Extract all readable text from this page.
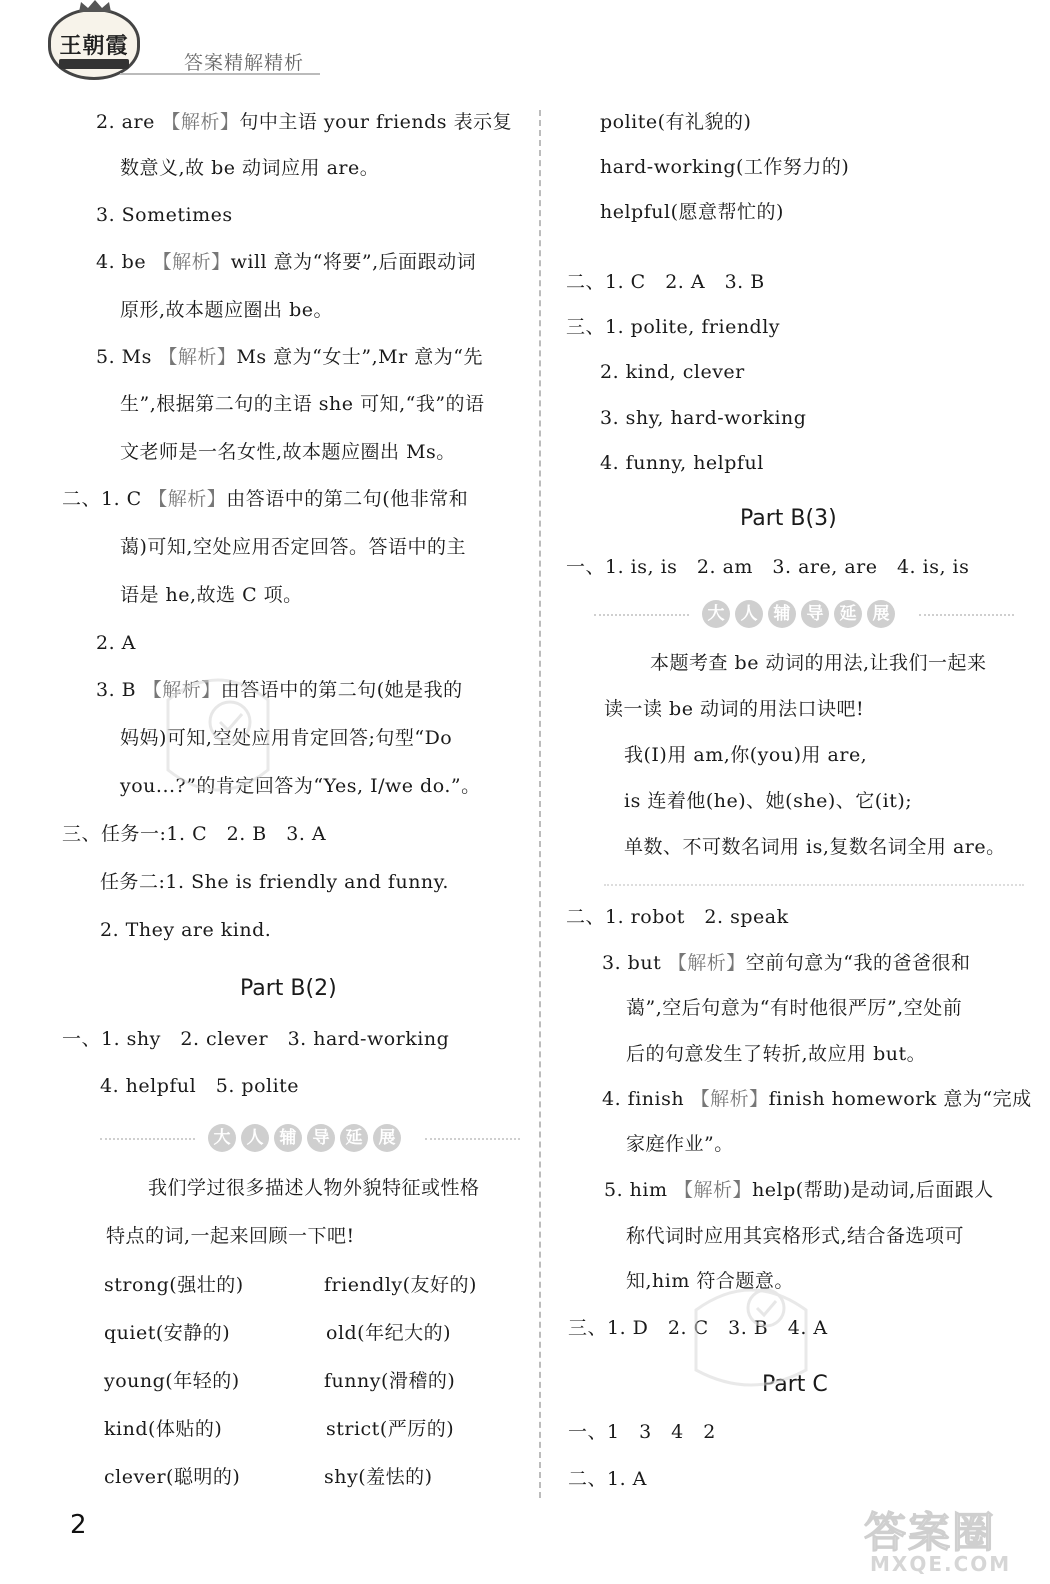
王朝霞
答案精解精析
2. are 【解析】句中主语 your friends 表示复
数意义,故 be 动词应用 are。
3. Sometimes
4. be 【解析】will 意为“将要”,后面跟动词
原形,故本题应圈出 be。
5. Ms 【解析】Ms 意为“女士”,Mr 意为“先
生”,根据第二句的主语 she 可知,“我”的语
文老师是一名女性,故本题应圈出 Ms。
二、1. C 【解析】由答语中的第二句(他非常和
蔼)可知,空处应用否定回答。答语中的主
语是 he,故选 C 项。
2. A
3. B 【解析】由答语中的第二句(她是我的
妈妈)可知,空处应用肯定回答;句型“Do
you...?”的肯定回答为“Yes, I/we do.”。
三、任务一:1. C　2. B　3. A
任务二:1. She is friendly and funny.
2. They are kind.
Part B(2)
一、1. shy　2. clever　3. hard-working
4. helpful　5. polite
大 人 辅 导 延 展
我们学过很多描述人物外貌特征或性格
特点的词,一起来回顾一下吧!
strong(强壮的)	friendly(友好的)
quiet(安静的)	old(年纪大的)
young(年轻的)	funny(滑稽的)
kind(体贴的)	strict(严厉的)
clever(聪明的)	shy(羞怯的)
polite(有礼貌的)
hard-working(工作努力的)
helpful(愿意帮忙的)
二、1. C　2. A　3. B
三、1. polite, friendly
2. kind, clever
3. shy, hard-working
4. funny, helpful
Part B(3)
一、1. is, is　2. am　3. are, are　4. is, is
大 人 辅 导 延 展
本题考查 be 动词的用法,让我们一起来
读一读 be 动词的用法口诀吧!
我(I)用 am,你(you)用 are,
is 连着他(he)、她(she)、它(it);
单数、不可数名词用 is,复数名词全用 are。
二、1. robot　2. speak
3. but 【解析】空前句意为“我的爸爸很和
蔼”,空后句意为“有时他很严厉”,空处前
后的句意发生了转折,故应用 but。
4. finish 【解析】finish homework 意为“完成
家庭作业”。
5. him 【解析】help(帮助)是动词,后面跟人
称代词时应用其宾格形式,结合备选项可
知,him 符合题意。
三、1. D　2. C　3. B　4. A
Part C
一、1　3　4　2
二、1. A
2	答案圈
MXQE.COM
